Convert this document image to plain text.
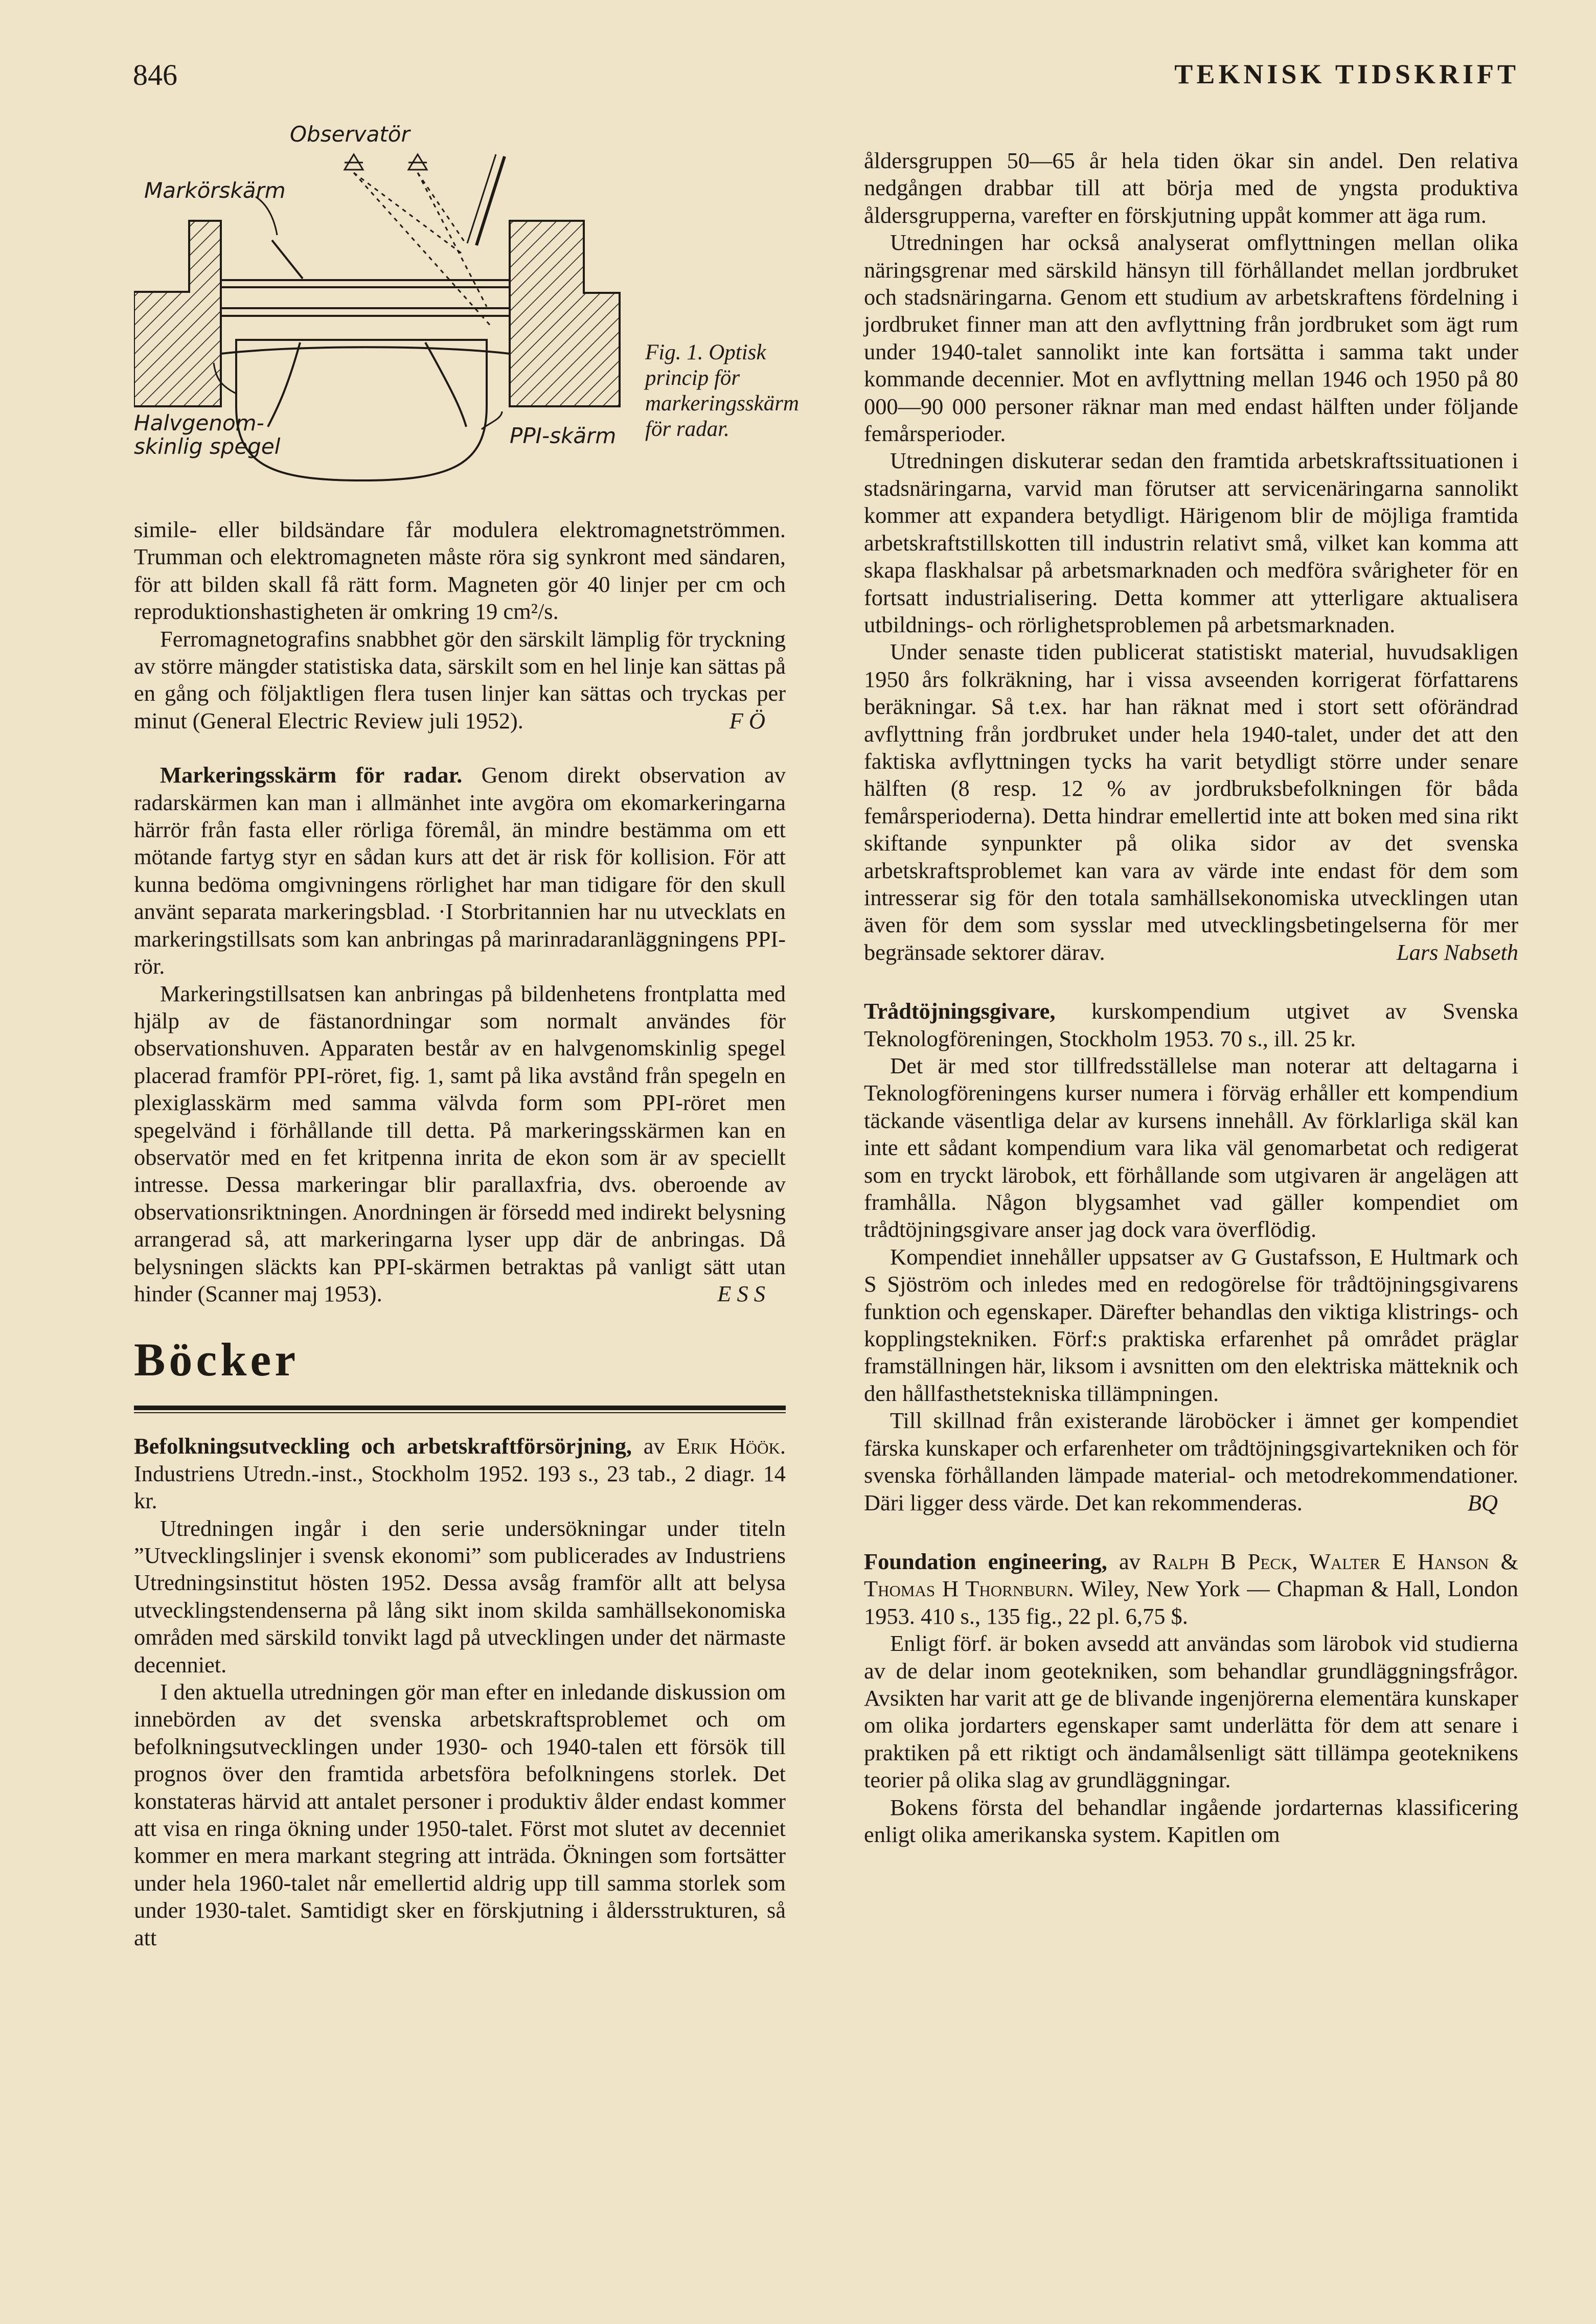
846	TEKNISK TIDSKRIFT
Observatör
Markörskärm
Halvgenom-
skinlig spegel	PPI-skärm
Fig. 1. Optisk princip för markeringsskärm för radar.

simile- eller bildsändare får modulera elektromagnetströmmen. Trumman och elektromagneten måste röra sig synkront med sändaren, för att bilden skall få rätt form. Magneten gör 40 linjer per cm och reproduktionshastigheten är omkring 19 cm²/s.

Ferromagnetografins snabbhet gör den särskilt lämplig för tryckning av större mängder statistiska data, särskilt som en hel linje kan sättas på en gång och följaktligen flera tusen linjer kan sättas och tryckas per minut (General Electric Review juli 1952).	F Ö

Markeringsskärm för radar. Genom direkt observation av radarskärmen kan man i allmänhet inte avgöra om ekomarkeringarna härrör från fasta eller rörliga föremål, än mindre bestämma om ett mötande fartyg styr en sådan kurs att det är risk för kollision. För att kunna bedöma omgivningens rörlighet har man tidigare för den skull använt separata markeringsblad. ·I Storbritannien har nu utvecklats en markeringstillsats som kan anbringas på marinradaranläggningens PPI-rör.

Markeringstillsatsen kan anbringas på bildenhetens frontplatta med hjälp av de fästanordningar som normalt användes för observationshuven. Apparaten består av en halvgenomskinlig spegel placerad framför PPI-röret, fig. 1, samt på lika avstånd från spegeln en plexiglasskärm med samma välvda form som PPI-röret men spegelvänd i förhållande till detta. På markeringsskärmen kan en observatör med en fet kritpenna inrita de ekon som är av speciellt intresse. Dessa markeringar blir parallaxfria, dvs. oberoende av observationsriktningen. Anordningen är försedd med indirekt belysning arrangerad så, att markeringarna lyser upp där de anbringas. Då belysningen släckts kan PPI-skärmen betraktas på vanligt sätt utan hinder (Scanner maj 1953).	E S S

Böcker

Befolkningsutveckling och arbetskraftförsörjning, av Erik Höök. Industriens Utredn.-inst., Stockholm 1952. 193 s., 23 tab., 2 diagr. 14 kr.

Utredningen ingår i den serie undersökningar under titeln ”Utvecklingslinjer i svensk ekonomi” som publicerades av Industriens Utredningsinstitut hösten 1952. Dessa avsåg framför allt att belysa utvecklingstendenserna på lång sikt inom skilda samhällsekonomiska områden med särskild tonvikt lagd på utvecklingen under det närmaste decenniet.

I den aktuella utredningen gör man efter en inledande diskussion om innebörden av det svenska arbetskraftsproblemet och om befolkningsutvecklingen under 1930- och 1940-talen ett försök till prognos över den framtida arbetsföra befolkningens storlek. Det konstateras härvid att antalet personer i produktiv ålder endast kommer att visa en ringa ökning under 1950-talet. Först mot slutet av decenniet kommer en mera markant stegring att inträda. Ökningen som fortsätter under hela 1960-talet når emellertid aldrig upp till samma storlek som under 1930-talet. Samtidigt sker en förskjutning i åldersstrukturen, så att

åldersgruppen 50—65 år hela tiden ökar sin andel. Den relativa nedgången drabbar till att börja med de yngsta produktiva åldersgrupperna, varefter en förskjutning uppåt kommer att äga rum.

Utredningen har också analyserat omflyttningen mellan olika näringsgrenar med särskild hänsyn till förhållandet mellan jordbruket och stadsnäringarna. Genom ett studium av arbetskraftens fördelning i jordbruket finner man att den avflyttning från jordbruket som ägt rum under 1940-talet sannolikt inte kan fortsätta i samma takt under kommande decennier. Mot en avflyttning mellan 1946 och 1950 på 80 000—90 000 personer räknar man med endast hälften under följande femårsperioder.

Utredningen diskuterar sedan den framtida arbetskraftssituationen i stadsnäringarna, varvid man förutser att servicenäringarna sannolikt kommer att expandera betydligt. Härigenom blir de möjliga framtida arbetskraftstillskotten till industrin relativt små, vilket kan komma att skapa flaskhalsar på arbetsmarknaden och medföra svårigheter för en fortsatt industrialisering. Detta kommer att ytterligare aktualisera utbildnings- och rörlighetsproblemen på arbetsmarknaden.

Under senaste tiden publicerat statistiskt material, huvudsakligen 1950 års folkräkning, har i vissa avseenden korrigerat författarens beräkningar. Så t.ex. har han räknat med i stort sett oförändrad avflyttning från jordbruket under hela 1940-talet, under det att den faktiska avflyttningen tycks ha varit betydligt större under senare hälften (8 resp. 12 % av jordbruksbefolkningen för båda femårsperioderna). Detta hindrar emellertid inte att boken med sina rikt skiftande synpunkter på olika sidor av det svenska arbetskraftsproblemet kan vara av värde inte endast för dem som intresserar sig för den totala samhällsekonomiska utvecklingen utan även för dem som sysslar med utvecklingsbetingelserna för mer begränsade sektorer därav.	Lars Nabseth

Trådtöjningsgivare, kurskompendium utgivet av Svenska Teknologföreningen, Stockholm 1953. 70 s., ill. 25 kr.

Det är med stor tillfredsställelse man noterar att deltagarna i Teknologföreningens kurser numera i förväg erhåller ett kompendium täckande väsentliga delar av kursens innehåll. Av förklarliga skäl kan inte ett sådant kompendium vara lika väl genomarbetat och redigerat som en tryckt lärobok, ett förhållande som utgivaren är angelägen att framhålla. Någon blygsamhet vad gäller kompendiet om trådtöjningsgivare anser jag dock vara överflödig.

Kompendiet innehåller uppsatser av G Gustafsson, E Hultmark och S Sjöström och inledes med en redogörelse för trådtöjningsgivarens funktion och egenskaper. Därefter behandlas den viktiga klistrings- och kopplingstekniken. Förf:s praktiska erfarenhet på området präglar framställningen här, liksom i avsnitten om den elektriska mätteknik och den hållfasthetstekniska tillämpningen.

Till skillnad från existerande läroböcker i ämnet ger kompendiet färska kunskaper och erfarenheter om trådtöjningsgivartekniken och för svenska förhållanden lämpade material- och metodrekommendationer. Däri ligger dess värde. Det kan rekommenderas.	BQ

Foundation engineering, av Ralph B Peck, Walter E Hanson & Thomas H Thornburn. Wiley, New York — Chapman & Hall, London 1953. 410 s., 135 fig., 22 pl. 6,75 $.

Enligt förf. är boken avsedd att användas som lärobok vid studierna av de delar inom geotekniken, som behandlar grundläggningsfrågor. Avsikten har varit att ge de blivande ingenjörerna elementära kunskaper om olika jordarters egenskaper samt underlätta för dem att senare i praktiken på ett riktigt och ändamålsenligt sätt tillämpa geoteknikens teorier på olika slag av grundläggningar.

Bokens första del behandlar ingående jordarternas klassificering enligt olika amerikanska system. Kapitlen om
